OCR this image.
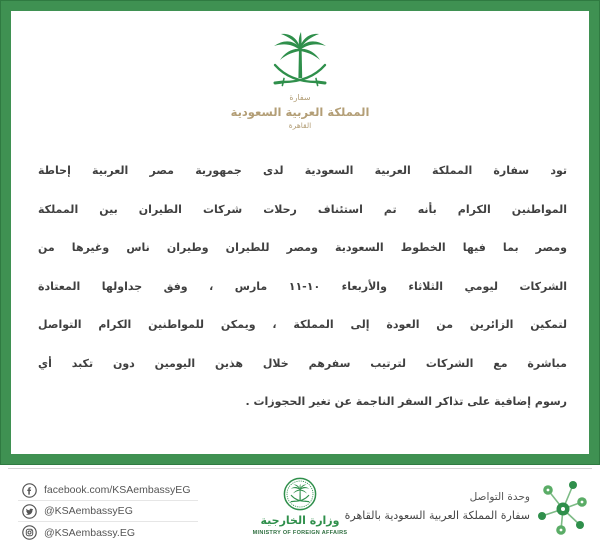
سفارة
المملكة العربية السعودية
القاهرة
تود سفارة المملكة العربية السعودية لدى جمهورية مصر العربية إحاطة
المواطنين الكرام بأنه تم استئناف رحلات شركات الطيران بين المملكة
ومصر بما فيها الخطوط السعودية ومصر للطيران وطيران ناس وغيرها من
الشركات ليومي الثلاثاء والأربعاء ١٠-١١ مارس ، وفق جداولها المعتادة
لتمكين الزائرين من العودة إلى المملكة ، ويمكن للمواطنين الكرام التواصل
مباشرة مع الشركات لترتيب سفرهم خلال هذين اليومين دون تكبد أي
رسوم إضافية على تذاكر السفر الناجمة عن تغير الحجوزات .
facebook.com/KSAembassyEG
@KSAembassyEG
@KSAembassy.EG
وزارة الخارجية
MINISTRY OF FOREIGN AFFAIRS
وحدة التواصل
سفارة المملكة العربية السعودية بالقاهرة
